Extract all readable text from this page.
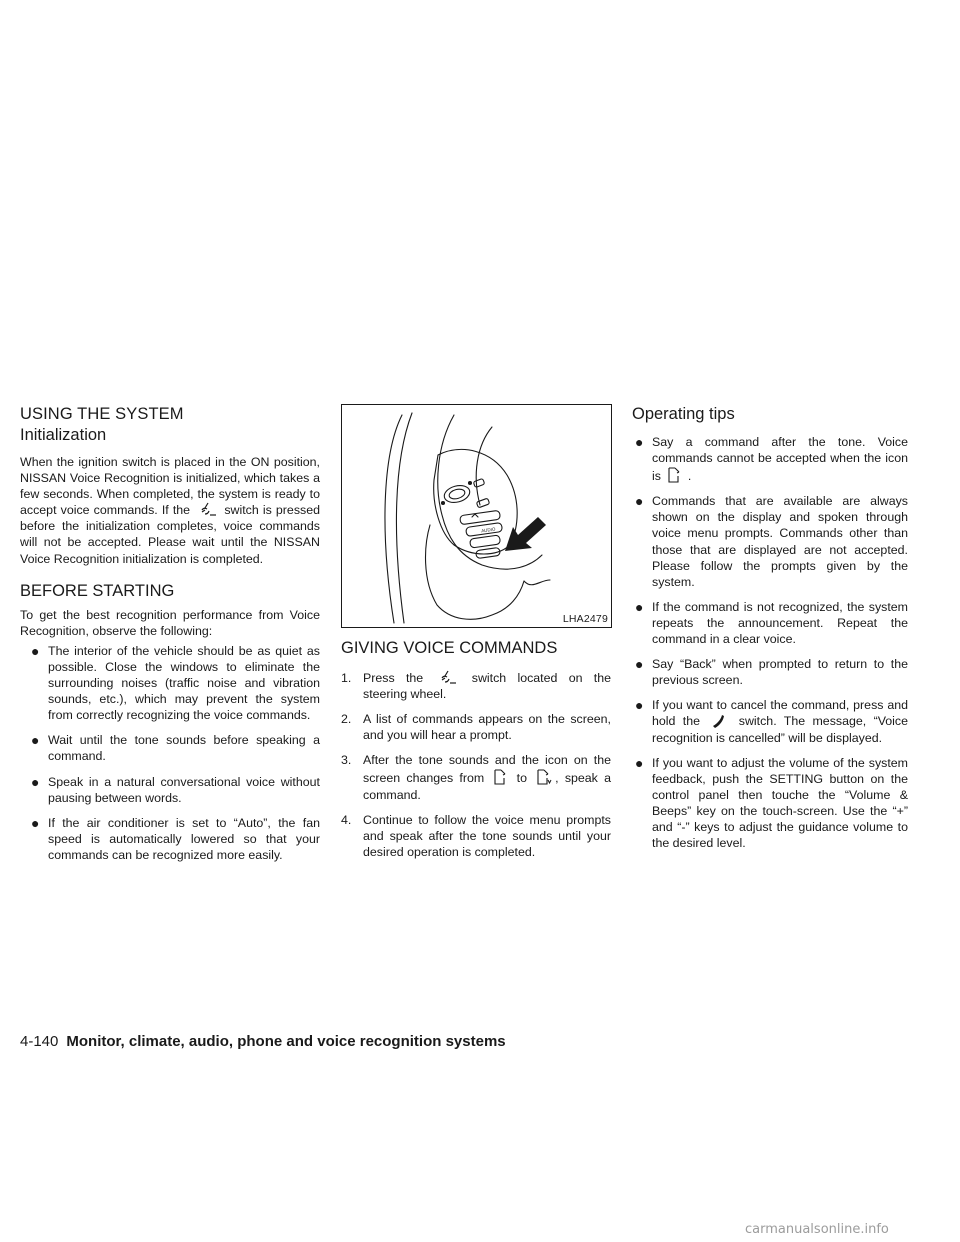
USING THE SYSTEM
Initialization

When the ignition switch is placed in the ON position, NISSAN Voice Recognition is initialized, which takes a few seconds. When completed, the system is ready to accept voice commands. If the	switch is pressed before the initialization completes, voice commands will not be accepted. Please wait until the NISSAN Voice Recognition initialization is completed.

BEFORE STARTING

To get the best recognition performance from Voice Recognition, observe the following:

● The interior of the vehicle should be as quiet as possible. Close the windows to eliminate the surrounding noises (traffic noise and vibration sounds, etc.), which may prevent the system from correctly recognizing the voice commands.
● Wait until the tone sounds before speaking a command.
● Speak in a natural conversational voice without pausing between words.
● If the air conditioner is set to “Auto”, the fan speed is automatically lowered so that your commands can be recognized more easily.
AUDIO
LHA2479
GIVING VOICE COMMANDS
1. Press the	switch located on the steering wheel.
2. A list of commands appears on the screen, and you will hear a prompt.
3. After the tone sounds and the icon on the screen changes from	to , speak a command.
4. Continue to follow the voice menu prompts and speak after the tone sounds until your desired operation is completed.
Operating tips
● Say a command after the tone. Voice commands cannot be accepted when the icon is .
● Commands that are available are always shown on the display and spoken through voice menu prompts. Commands other than those that are displayed are not accepted. Please follow the prompts given by the system.
● If the command is not recognized, the system repeats the announcement. Repeat the command in a clear voice.
● Say “Back” when prompted to return to the previous screen.
● If you want to cancel the command, press and hold the	switch. The message, “Voice recognition is cancelled” will be displayed.
● If you want to adjust the volume of the system feedback, push the SETTING button on the control panel then touche the “Volume & Beeps” key on the touch-screen. Use the “+” and “-” keys to adjust the guidance volume to the desired level.
4-140 Monitor, climate, audio, phone and voice recognition systems
carmanualsonline.info
